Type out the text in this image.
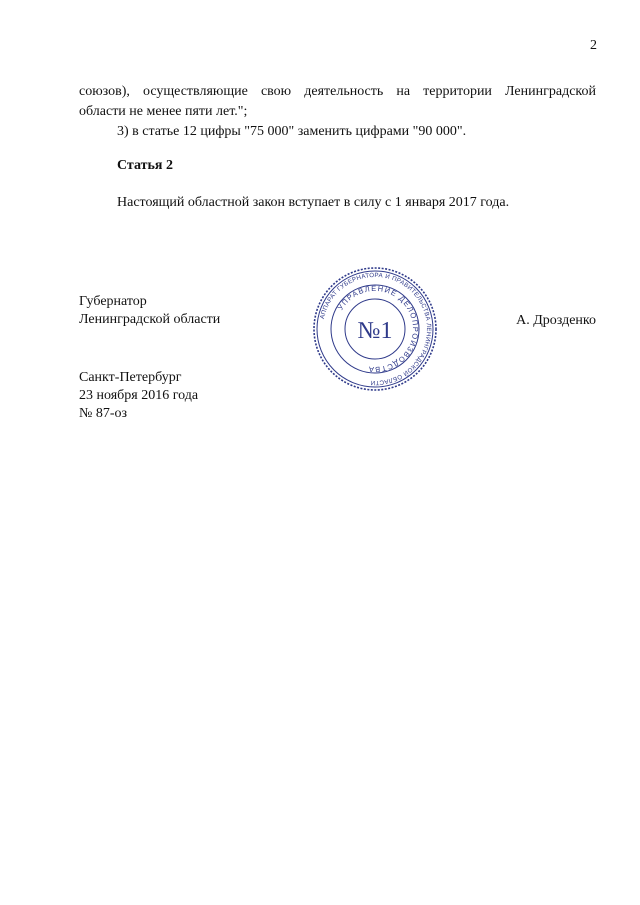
2
союзов), осуществляющие свою деятельность на территории Ленинградской
области не менее пяти лет.";
3) в статье 12 цифры "75 000" заменить цифрами "90 000".
Статья 2
Настоящий областной закон вступает в силу с 1 января 2017 года.
Губернатор
Ленинградской области	АППАРАТ ГУБЕРНАТОРА И ПРАВИТЕЛЬСТВА ЛЕНИНГРАДСКОЙ ОБЛАСТИ
УПРАВЛЕНИЕ ДЕЛОПРОИЗВОДСТВА
№1	А. Дрозденко
Санкт-Петербург
23 ноября 2016 года
№ 87-оз
